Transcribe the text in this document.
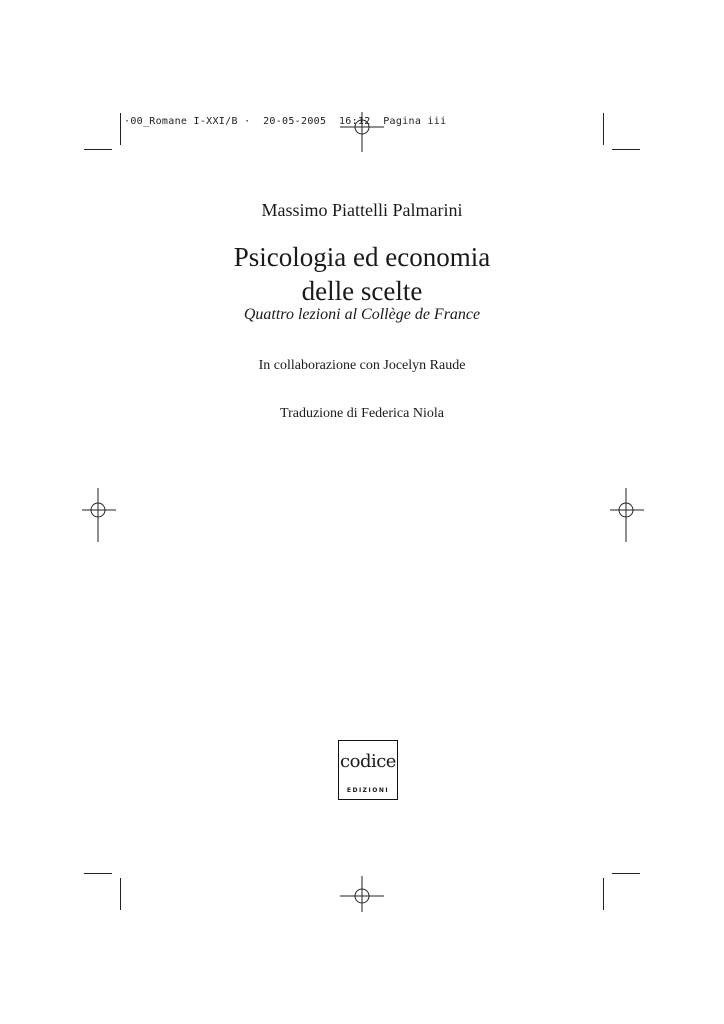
·00_Romane I-XXI/B · 20-05-2005 16:12 Pagina iii
Massimo Piattelli Palmarini
Psicologia ed economia
delle scelte
Quattro lezioni al Collège de France
In collaborazione con Jocelyn Raude
Traduzione di Federica Niola
codice
EDIZIONI
